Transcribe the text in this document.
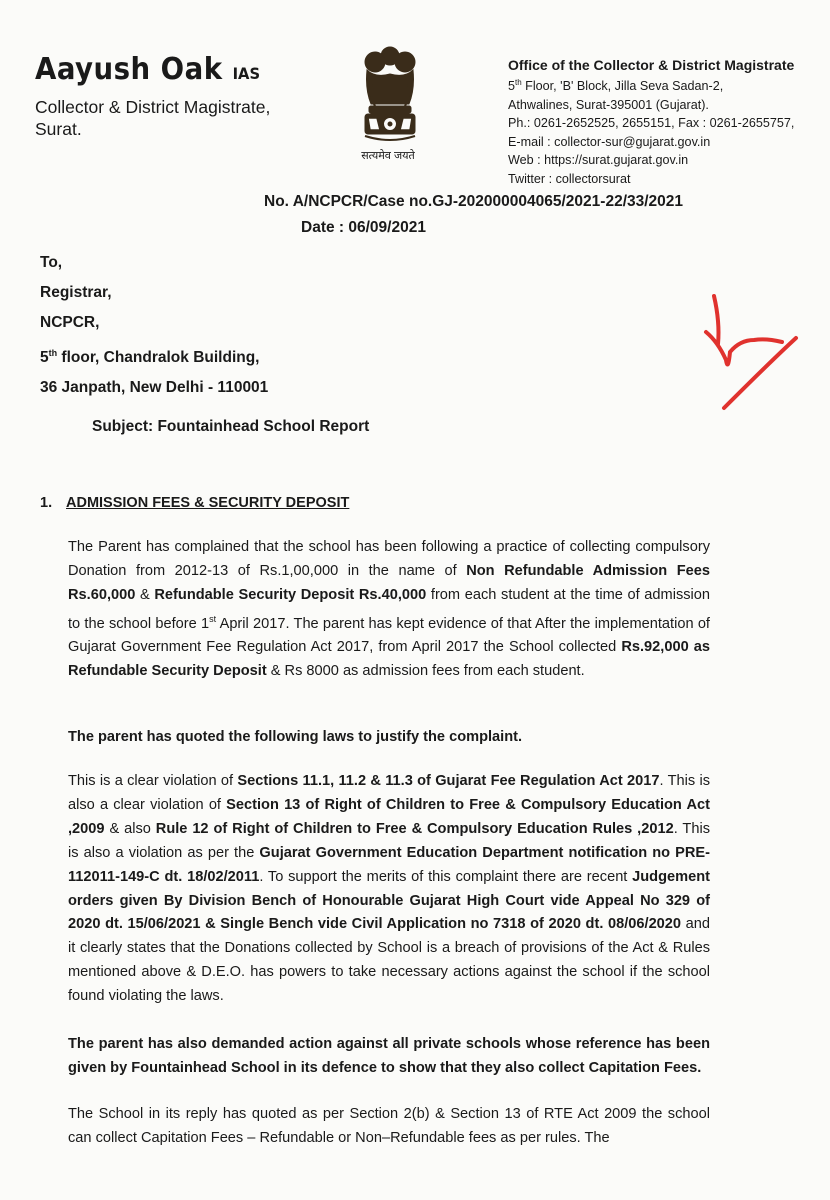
Aayush Oak IAS
Collector & District Magistrate,
Surat.
सत्यमेव जयते
Office of the Collector & District Magistrate
5th Floor, 'B' Block, Jilla Seva Sadan-2,
Athwalines, Surat-395001 (Gujarat).
Ph.: 0261-2652525, 2655151, Fax : 0261-2655757,
E-mail : collector-sur@gujarat.gov.in
Web : https://surat.gujarat.gov.in
Twitter : collectorsurat
No. A/NCPCR/Case no.GJ-202000004065/2021-22/33/2021
Date : 06/09/2021
To,
Registrar,
NCPCR,
5th floor, Chandralok Building,
36 Janpath, New Delhi - 110001
Subject: Fountainhead School Report
1. ADMISSION FEES & SECURITY DEPOSIT
The Parent has complained that the school has been following a practice of collecting compulsory Donation from 2012-13 of Rs.1,00,000 in the name of Non Refundable Admission Fees Rs.60,000 & Refundable Security Deposit Rs.40,000 from each student at the time of admission to the school before 1st April 2017. The parent has kept evidence of that After the implementation of Gujarat Government Fee Regulation Act 2017, from April 2017 the School collected Rs.92,000 as Refundable Security Deposit & Rs 8000 as admission fees from each student.
The parent has quoted the following laws to justify the complaint.
This is a clear violation of Sections 11.1, 11.2 & 11.3 of Gujarat Fee Regulation Act 2017. This is also a clear violation of Section 13 of Right of Children to Free & Compulsory Education Act ,2009 & also Rule 12 of Right of Children to Free & Compulsory Education Rules ,2012. This is also a violation as per the Gujarat Government Education Department notification no PRE-112011-149-C dt. 18/02/2011. To support the merits of this complaint there are recent Judgement orders given By Division Bench of Honourable Gujarat High Court vide Appeal No 329 of 2020 dt. 15/06/2021 & Single Bench vide Civil Application no 7318 of 2020 dt. 08/06/2020 and it clearly states that the Donations collected by School is a breach of provisions of the Act & Rules mentioned above & D.E.O. has powers to take necessary actions against the school if the school found violating the laws.
The parent has also demanded action against all private schools whose reference has been given by Fountainhead School in its defence to show that they also collect Capitation Fees.
The School in its reply has quoted as per Section 2(b) & Section 13 of RTE Act 2009 the school can collect Capitation Fees – Refundable or Non–Refundable fees as per rules. The
